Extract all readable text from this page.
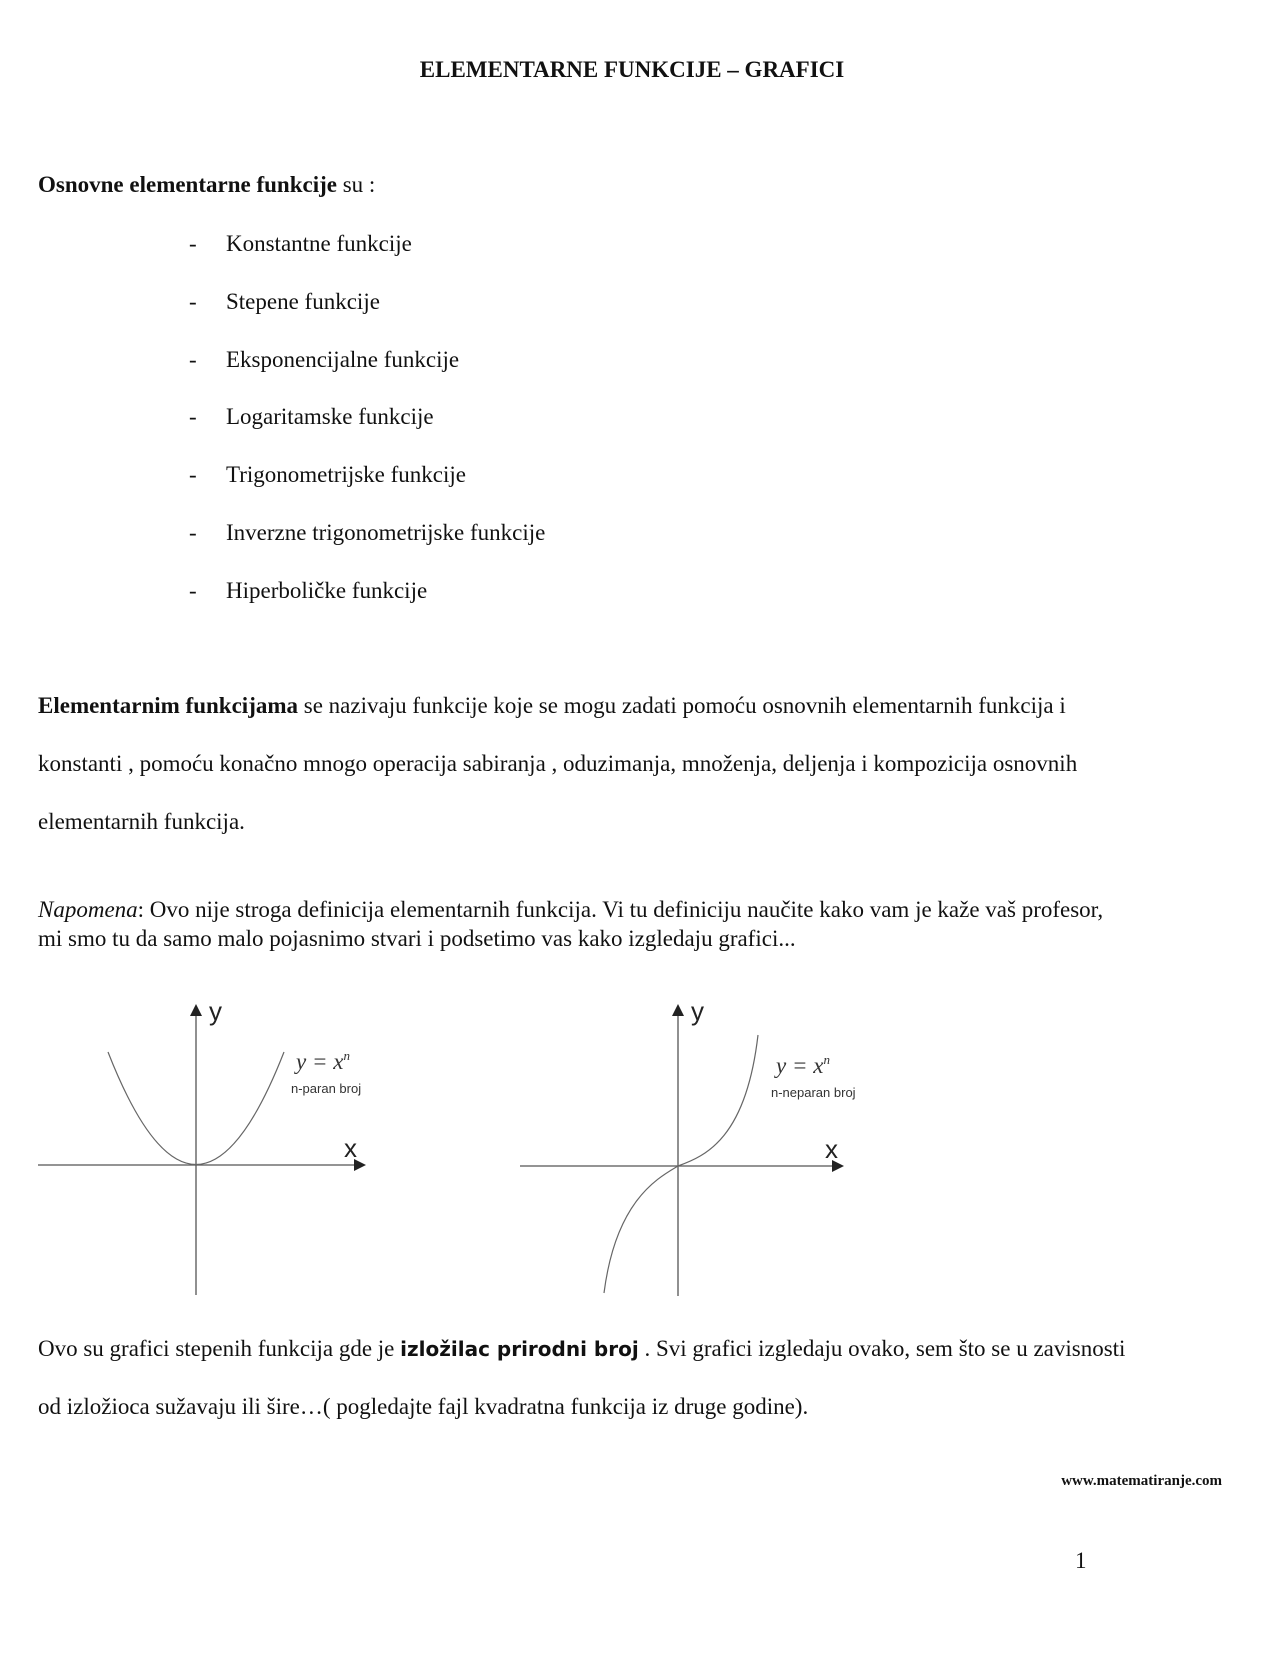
ELEMENTARNE FUNKCIJE – GRAFICI
Osnovne elementarne funkcije su :
- Konstantne funkcije
- Stepene funkcije
- Eksponencijalne funkcije
- Logaritamske funkcije
- Trigonometrijske funkcije
- Inverzne trigonometrijske funkcije
- Hiperboličke funkcije
Elementarnim funkcijama se nazivaju funkcije koje se mogu zadati pomoću osnovnih elementarnih funkcija i
konstanti , pomoću konačno mnogo operacija sabiranja , oduzimanja, množenja, deljenja i kompozicija osnovnih
elementarnih funkcija.
Napomena: Ovo nije stroga definicija elementarnih funkcija. Vi tu definiciju naučite kako vam je kaže vaš profesor,
mi smo tu da samo malo pojasnimo stvari i podsetimo vas kako izgledaju grafici...
y
x
$y = x^n$
n-paran broj
y
x
$y = x^n$
n-neparan broj
Ovo su grafici stepenih funkcija gde je izložilac prirodni broj . Svi grafici izgledaju ovako, sem što se u zavisnosti
od izložioca sužavaju ili šire…( pogledajte fajl kvadratna funkcija iz druge godine).
www.matematiranje.com
1
